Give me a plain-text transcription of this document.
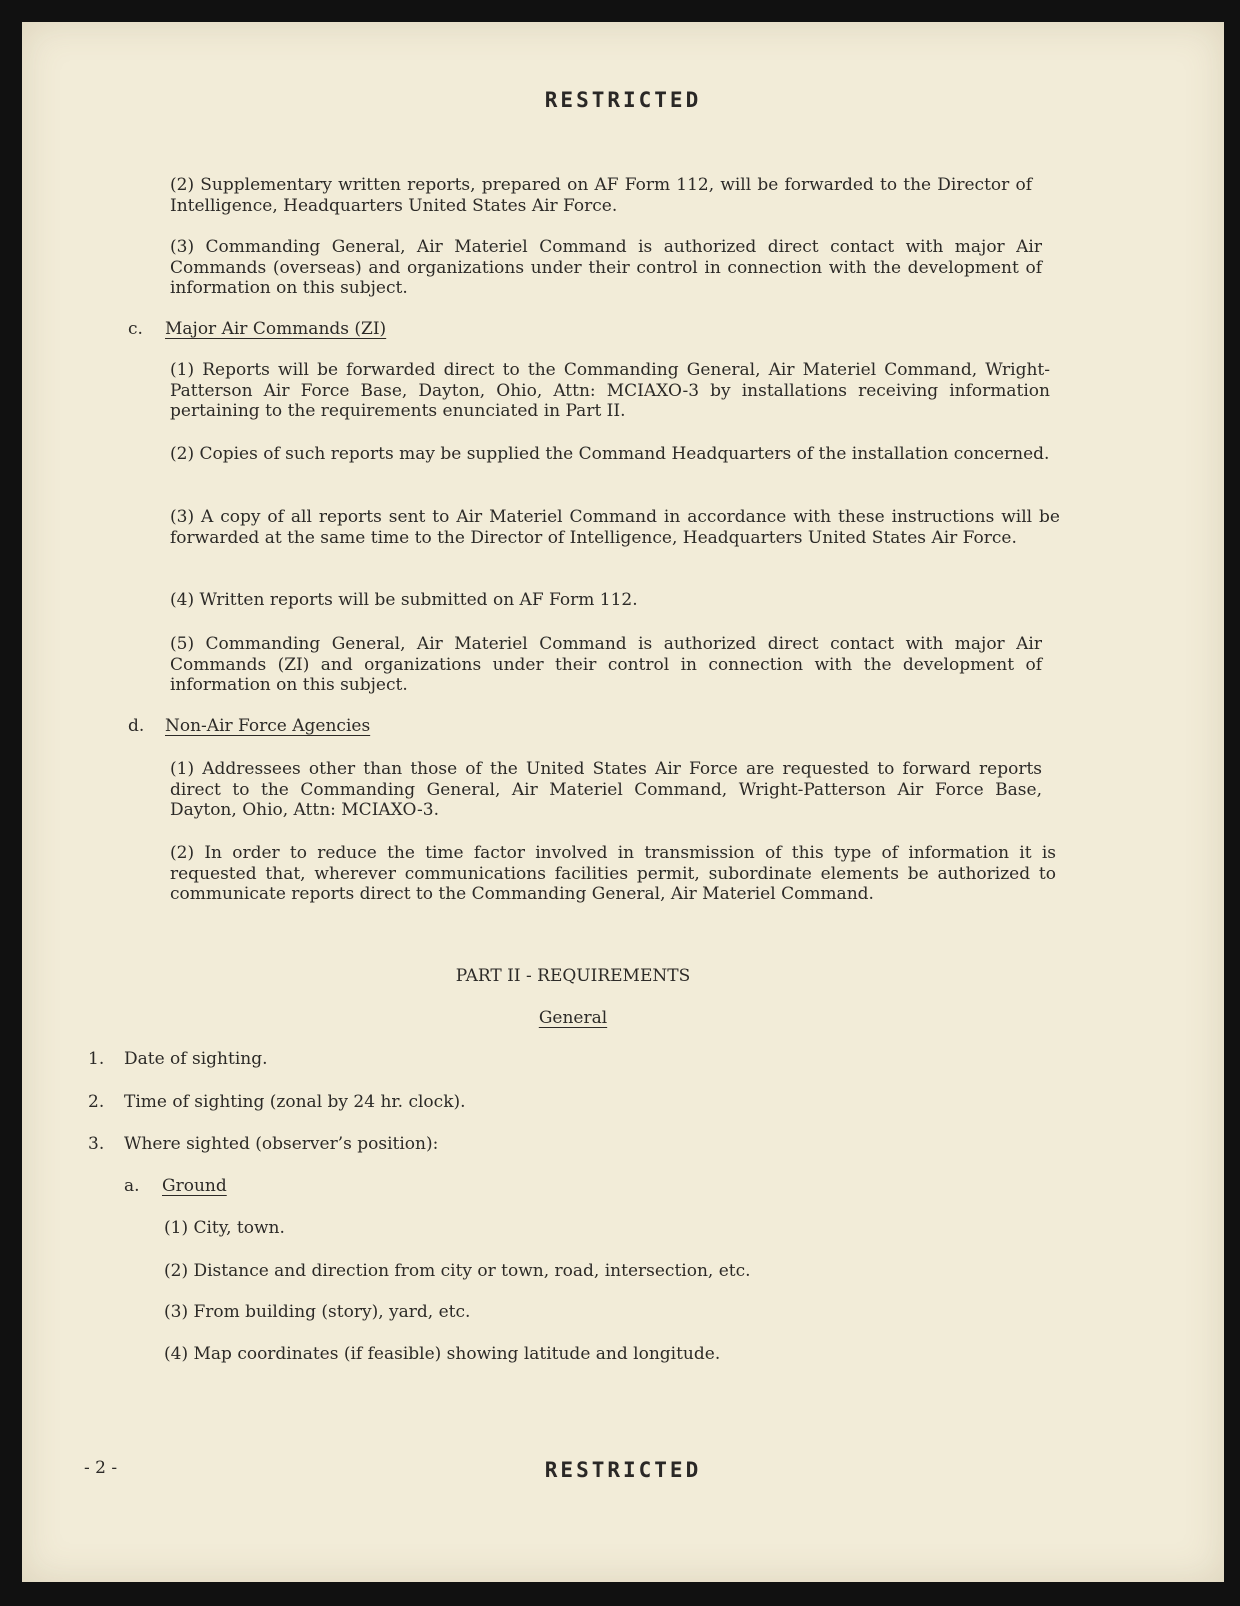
RESTRICTED

(2) Supplementary written reports, prepared on AF Form 112, will be forwarded to the Director of Intelligence, Headquarters United States Air Force.

(3) Commanding General, Air Materiel Command is authorized direct contact with major Air Commands (overseas) and organizations under their control in connection with the development of information on this subject.

c. Major Air Commands (ZI)

(1) Reports will be forwarded direct to the Commanding General, Air Materiel Command, Wright-Patterson Air Force Base, Dayton, Ohio, Attn: MCIAXO-3 by installations receiving information pertaining to the requirements enunciated in Part II.

(2) Copies of such reports may be supplied the Command Headquarters of the installation concerned.

(3) A copy of all reports sent to Air Materiel Command in accordance with these instructions will be forwarded at the same time to the Director of Intelligence, Headquarters United States Air Force.

(4) Written reports will be submitted on AF Form 112.

(5) Commanding General, Air Materiel Command is authorized direct contact with major Air Commands (ZI) and organizations under their control in connection with the development of information on this subject.

d. Non-Air Force Agencies

(1) Addressees other than those of the United States Air Force are requested to forward reports direct to the Commanding General, Air Materiel Command, Wright-Patterson Air Force Base, Dayton, Ohio, Attn: MCIAXO-3.

(2) In order to reduce the time factor involved in transmission of this type of information it is requested that, wherever communications facilities permit, subordinate elements be authorized to communicate reports direct to the Commanding General, Air Materiel Command.

PART II - REQUIREMENTS
General
1. Date of sighting.
2. Time of sighting (zonal by 24 hr. clock).
3. Where sighted (observer’s position):
a. Ground
(1) City, town.
(2) Distance and direction from city or town, road, intersection, etc.
(3) From building (story), yard, etc.
(4) Map coordinates (if feasible) showing latitude and longitude.
- 2 -	RESTRICTED
